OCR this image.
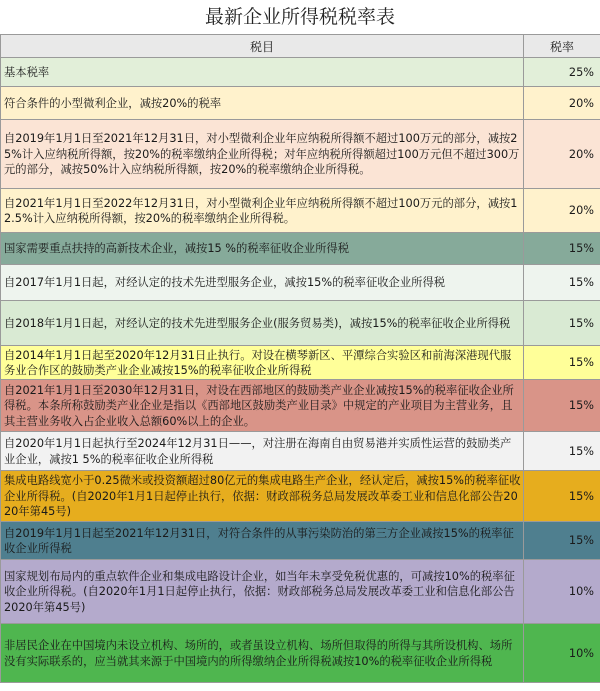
最新企业所得税税率表
税目	税率
基本税率	25%
符合条件的小型微利企业，减按20%的税率	20%
自2019年1月1日至2021年12月31日，对小型微利企业年应纳税所得额不超过100万元的部分，减按25%计入应纳税所得额，按20%的税率缴纳企业所得税；对年应纳税所得额超过100万元但不超过300万元的部分，减按50%计入应纳税所得额，按20%的税率缴纳企业所得税。	20%
自2021年1月1日至2022年12月31日，对小型微利企业年应纳税所得额不超过100万元的部分，减按12.5%计入应纳税所得额，按20%的税率缴纳企业所得税。	20%
国家需要重点扶持的高新技术企业，减按15 %的税率征收企业所得税	15%
自2017年1月1日起，对经认定的技术先进型服务企业，减按15%的税率征收企业所得税	15%
自2018年1月1日起，对经认定的技术先进型服务企业(服务贸易类)，减按15%的税率征收企业所得税	15%
自2014年1月1日起至2020年12月31日止执行。对设在横琴新区、平潭综合实验区和前海深港现代服务业合作区的鼓励类产业企业减按15%的税率征收企业所得税	15%
自2021年1月1日至2030年12月31日，对设在西部地区的鼓励类产业企业减按15%的税率征收企业所得税。本条所称鼓励类产业企业是指以《西部地区鼓励类产业目录》中规定的产业项目为主营业务，且其主营业务收入占企业收入总额60%以上的企业。	15%
自2020年1月1日起执行至2024年12月31日——，对注册在海南自由贸易港并实质性运营的鼓励类产业企业，减按1 5%的税率征收企业所得税	15%
集成电路线宽小于0.25微米或投资额超过80亿元的集成电路生产企业，经认定后，减按15%的税率征收企业所得税。(自2020年1月1日起停止执行，依据：财政部税务总局发展改革委工业和信息化部公告2020年第45号)	15%
自2019年1月1日起至2021年12月31日，对符合条件的从事污染防治的第三方企业减按15%的税率征收企业所得税	15%
国家规划布局内的重点软件企业和集成电路设计企业，如当年未享受免税优惠的，可减按10%的税率征收企业所得税。(自2020年1月1日起停止执行，依据：财政部税务总局发展改革委工业和信息化部公告2020年第45号)	10%
非居民企业在中国境内未设立机构、场所的，或者虽设立机构、场所但取得的所得与其所设机构、场所没有实际联系的，应当就其来源于中国境内的所得缴纳企业所得税减按10%的税率征收企业所得税	10%
